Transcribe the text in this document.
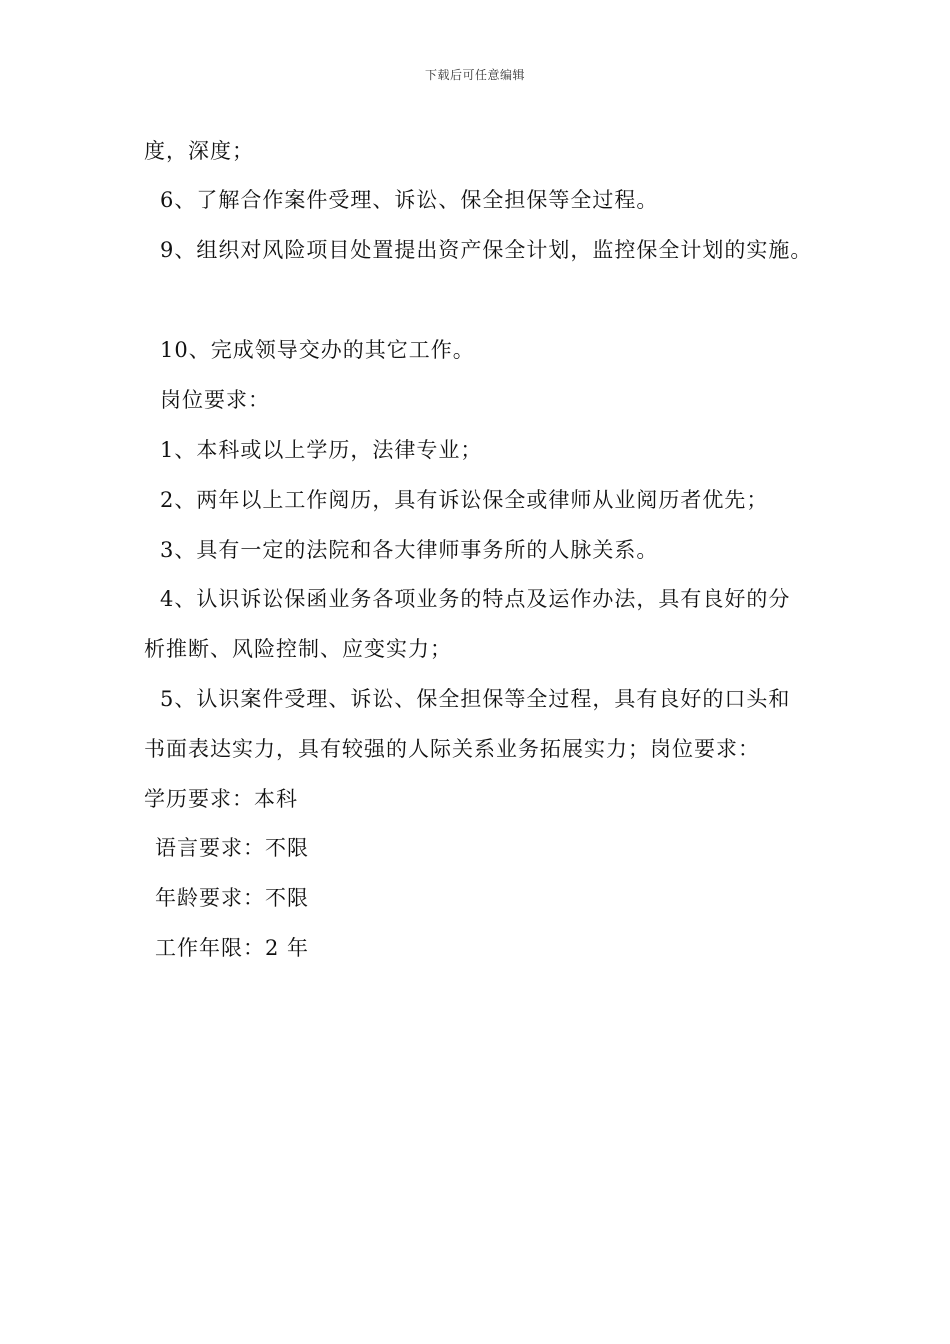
下载后可任意编辑
度，深度；
6、了解合作案件受理、诉讼、保全担保等全过程。
9、组织对风险项目处置提出资产保全计划，监控保全计划的实施。
10、完成领导交办的其它工作。
岗位要求：
1、本科或以上学历，法律专业；
2、两年以上工作阅历，具有诉讼保全或律师从业阅历者优先；
3、具有一定的法院和各大律师事务所的人脉关系。
4、认识诉讼保函业务各项业务的特点及运作办法，具有良好的分
析推断、风险控制、应变实力；
5、认识案件受理、诉讼、保全担保等全过程，具有良好的口头和
书面表达实力，具有较强的人际关系业务拓展实力；岗位要求：
学历要求：本科
语言要求：不限
年龄要求：不限
工作年限：2 年
